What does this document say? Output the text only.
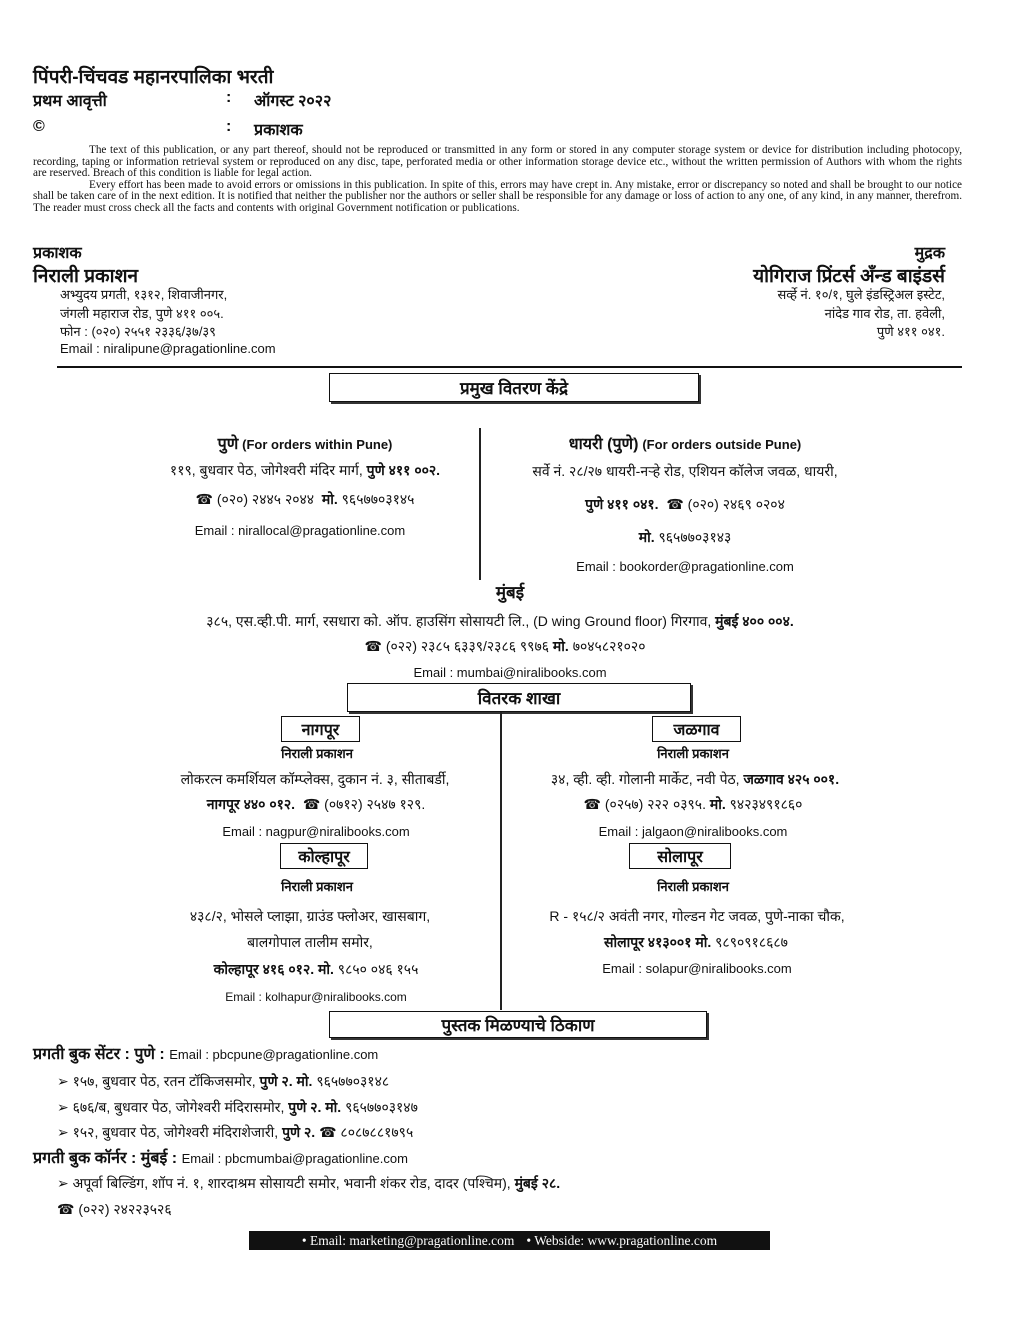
पिंपरी-चिंचवड महानरपालिका भरती
प्रथम आवृत्ती	: ऑगस्ट २०२२
©	: प्रकाशक

The text of this publication, or any part thereof, should not be reproduced or transmitted in any form or stored in any computer storage system or device for distribution including photocopy, recording, taping or information retrieval system or reproduced on any disc, tape, perforated media or other information storage device etc., without the written permission of Authors with whom the rights are reserved. Breach of this condition is liable for legal action.

Every effort has been made to avoid errors or omissions in this publication. In spite of this, errors may have crept in. Any mistake, error or discrepancy so noted and shall be brought to our notice shall be taken care of in the next edition. It is notified that neither the publisher nor the authors or seller shall be responsible for any damage or loss of action to any one, of any kind, in any manner, therefrom. The reader must cross check all the facts and contents with original Government notification or publications.

प्रकाशक
निराली प्रकाशन
अभ्युदय प्रगती, १३१२, शिवाजीनगर,
जंगली महाराज रोड, पुणे ४११ ००५.
फोन : (०२०) २५५१ २३३६/३७/३९
Email : niralipune@pragationline.com
मुद्रक
योगिराज प्रिंटर्स अँन्ड बाइंडर्स
सर्व्हे नं. १०/१, घुले इंडस्ट्रिअल इस्टेट,
नांदेड गाव रोड, ता. हवेली,
पुणे ४११ ०४१.
प्रमुख वितरण केंद्रे
पुणे (For orders within Pune)
११९, बुधवार पेठ, जोगेश्वरी मंदिर मार्ग, पुणे ४११ ००२.
☎ (०२०) २४४५ २०४४ मो. ९६५७७०३१४५
Email : nirallocal@pragationline.com
धायरी (पुणे) (For orders outside Pune)
सर्वे नं. २८/२७ धायरी-नऱ्हे रोड, एशियन कॉलेज जवळ, धायरी,
पुणे ४११ ०४१. ☎ (०२०) २४६९ ०२०४
मो. ९६५७७०३१४३
Email : bookorder@pragationline.com
मुंबई
३८५, एस.व्ही.पी. मार्ग, रसधारा को. ऑप. हाउसिंग सोसायटी लि., (D wing Ground floor) गिरगाव, मुंबई ४०० ००४.
☎ (०२२) २३८५ ६३३९/२३८६ ९९७६ मो. ७०४५८२१०२०
Email : mumbai@niralibooks.com
वितरक शाखा
नागपूर
निराली प्रकाशन
लोकरत्न कमर्शियल कॉम्प्लेक्स, दुकान नं. ३, सीताबर्डी,
नागपूर ४४० ०१२. ☎ (०७१२) २५४७ १२९.
Email : nagpur@niralibooks.com
जळगाव
निराली प्रकाशन
३४, व्ही. व्ही. गोलानी मार्केट, नवी पेठ, जळगाव ४२५ ००१.
☎ (०२५७) २२२ ०३९५. मो. ९४२३४९१८६०
Email : jalgaon@niralibooks.com
कोल्हापूर
निराली प्रकाशन
४३८/२, भोसले प्लाझा, ग्राउंड फ्लोअर, खासबाग,
बालगोपाल तालीम समोर,
कोल्हापूर ४१६ ०१२. मो. ९८५० ०४६ १५५
Email : kolhapur@niralibooks.com
सोलापूर
निराली प्रकाशन
R - १५८/२ अवंती नगर, गोल्डन गेट जवळ, पुणे-नाका चौक,
सोलापूर ४१३००१ मो. ९८९०९१८६८७
Email : solapur@niralibooks.com
पुस्तक मिळण्याचे ठिकाण
प्रगती बुक सेंटर : पुणे : Email : pbcpune@pragationline.com
➢ १५७, बुधवार पेठ, रतन टॉकिजसमोर, पुणे २. मो. ९६५७७०३१४८
➢ ६७६/ब, बुधवार पेठ, जोगेश्वरी मंदिरासमोर, पुणे २. मो. ९६५७७०३१४७
➢ १५२, बुधवार पेठ, जोगेश्वरी मंदिराशेजारी, पुणे २. ☎ ८०८७८८१७९५
प्रगती बुक कॉर्नर : मुंबई : Email : pbcmumbai@pragationline.com
➢ अपूर्वा बिल्डिंग, शॉप नं. १, शारदाश्रम सोसायटी समोर, भवानी शंकर रोड, दादर (पश्चिम), मुंबई २८.
☎ (०२२) २४२२३५२६
• Email: marketing@pragationline.com • Webside: www.pragationline.com
